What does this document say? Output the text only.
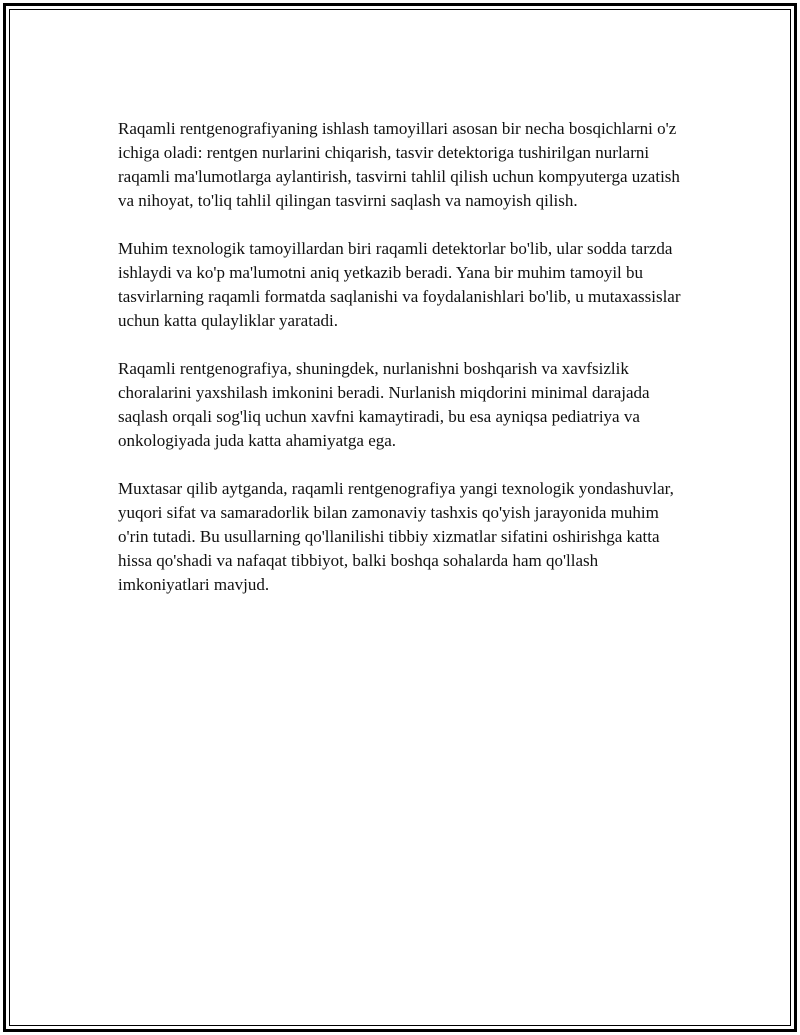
Raqamli rentgenografiyaning ishlash tamoyillari asosan bir necha bosqichlarni o'z ichiga oladi: rentgen nurlarini chiqarish, tasvir detektoriga tushirilgan nurlarni raqamli ma'lumotlarga aylantirish, tasvirni tahlil qilish uchun kompyuterga uzatish va nihoyat, to'liq tahlil qilingan tasvirni saqlash va namoyish qilish.

Muhim texnologik tamoyillardan biri raqamli detektorlar bo'lib, ular sodda tarzda ishlaydi va ko'p ma'lumotni aniq yetkazib beradi. Yana bir muhim tamoyil bu tasvirlarning raqamli formatda saqlanishi va foydalanishlari bo'lib, u mutaxassislar uchun katta qulayliklar yaratadi.

Raqamli rentgenografiya, shuningdek, nurlanishni boshqarish va xavfsizlik choralarini yaxshilash imkonini beradi. Nurlanish miqdorini minimal darajada saqlash orqali sog'liq uchun xavfni kamaytiradi, bu esa ayniqsa pediatriya va onkologiyada juda katta ahamiyatga ega.

Muxtasar qilib aytganda, raqamli rentgenografiya yangi texnologik yondashuvlar, yuqori sifat va samaradorlik bilan zamonaviy tashxis qo'yish jarayonida muhim o'rin tutadi. Bu usullarning qo'llanilishi tibbiy xizmatlar sifatini oshirishga katta hissa qo'shadi va nafaqat tibbiyot, balki boshqa sohalarda ham qo'llash imkoniyatlari mavjud.
